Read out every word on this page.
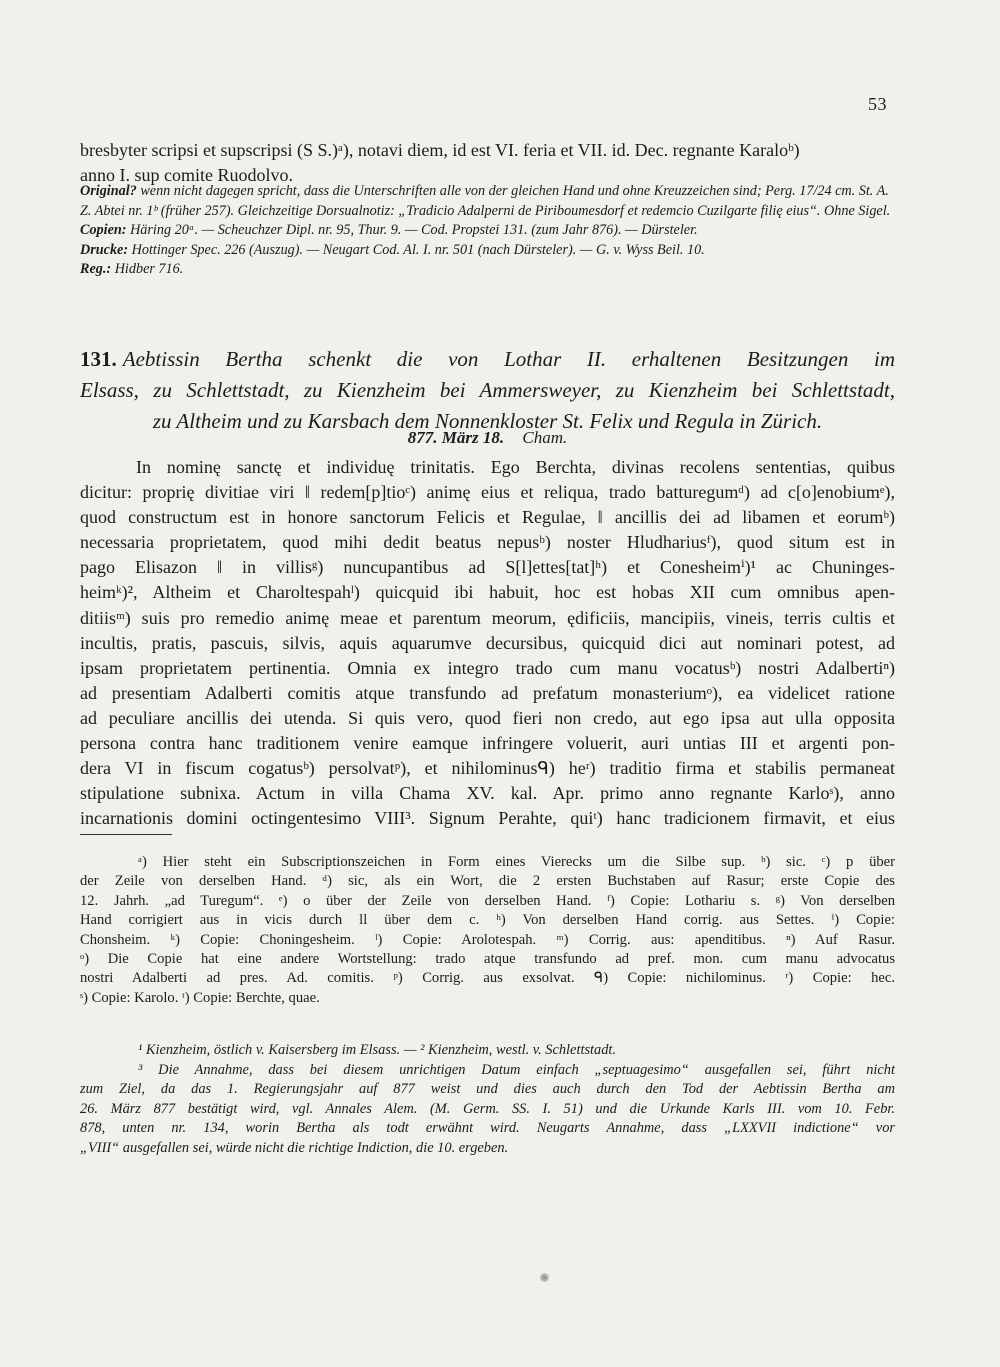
53
bresbyter scripsi et supscripsi (S S.)ᵃ), notavi diem, id est VI. feria et VII. id. Dec. regnante Karaloᵇ)
anno I. sup comite Ruodolvo.
Original? wenn nicht dagegen spricht, dass die Unterschriften alle von der gleichen Hand und ohne Kreuzzeichen sind; Perg. 17/24 cm. St. A. Z. Abtei nr. 1ᵇ (früher 257). Gleichzeitige Dorsualnotiz: „Tradicio Adalperni de Piriboumesdorf et redemcio Cuzilgarte filię eius“. Ohne Sigel.
Copien: Häring 20ᵃ. — Scheuchzer Dipl. nr. 95, Thur. 9. — Cod. Propstei 131. (zum Jahr 876). — Dürsteler.
Drucke: Hottinger Spec. 226 (Auszug). — Neugart Cod. Al. I. nr. 501 (nach Dürsteler). — G. v. Wyss Beil. 10.
Reg.: Hidber 716.
131. Aebtissin Bertha schenkt die von Lothar II. erhaltenen Besitzungen im
Elsass, zu Schlettstadt, zu Kienzheim bei Ammersweyer, zu Kienzheim bei Schlettstadt,
zu Altheim und zu Karsbach dem Nonnenkloster St. Felix und Regula in Zürich.
877. März 18. Cham.
In nominę sanctę et individuę trinitatis. Ego Berchta, divinas recolens sententias, quibus
dicitur: proprię divitiae viri ‖ redem[p]tioᶜ) animę eius et reliqua, trado batturegumᵈ) ad c[o]enobiumᵉ),
quod constructum est in honore sanctorum Felicis et Regulae, ‖ ancillis dei ad libamen et eorumᵇ)
necessaria proprietatem, quod mihi dedit beatus nepusᵇ) noster Hludhariusᶠ), quod situm est in
pago Elisazon ‖ in villisᵍ) nuncupantibus ad S[l]ettes[tat]ʰ) et Conesheimⁱ)¹ ac Chuninges-
heimᵏ)², Altheim et Charoltespahˡ) quicquid ibi habuit, hoc est hobas XII cum omnibus apen-
ditiisᵐ) suis pro remedio animę meae et parentum meorum, ędificiis, mancipiis, vineis, terris cultis et
incultis, pratis, pascuis, silvis, aquis aquarumve decursibus, quicquid dici aut nominari potest, ad
ipsam proprietatem pertinentia. Omnia ex integro trado cum manu vocatusᵇ) nostri Adalbertiⁿ)
ad presentiam Adalberti comitis atque transfundo ad prefatum monasteriumᵒ), ea videlicet ratione
ad peculiare ancillis dei utenda. Si quis vero, quod fieri non credo, aut ego ipsa aut ulla opposita
persona contra hanc traditionem venire eamque infringere voluerit, auri untias III et argenti pon-
dera VI in fiscum cogatusᵇ) persolvatᵖ), et nihilominusᑫ) heʳ) traditio firma et stabilis permaneat
stipulatione subnixa. Actum in villa Chama XV. kal. Apr. primo anno regnante Karloˢ), anno
incarnationis domini octingentesimo VIII³. Signum Perahte, quiᵗ) hanc tradicionem firmavit, et eius
ᵃ) Hier steht ein Subscriptionszeichen in Form eines Vierecks um die Silbe sup. ᵇ) sic. ᶜ) p über
der Zeile von derselben Hand. ᵈ) sic, als ein Wort, die 2 ersten Buchstaben auf Rasur; erste Copie des
12. Jahrh. „ad Turegum“. ᵉ) o über der Zeile von derselben Hand. ᶠ) Copie: Lothariu s. ᵍ) Von derselben
Hand corrigiert aus in vicis durch ll über dem c. ʰ) Von derselben Hand corrig. aus Settes. ⁱ) Copie:
Chonsheim. ᵏ) Copie: Choningesheim. ˡ) Copie: Arolotespah. ᵐ) Corrig. aus: apenditibus. ⁿ) Auf Rasur.
ᵒ) Die Copie hat eine andere Wortstellung: trado atque transfundo ad pref. mon. cum manu advocatus
nostri Adalberti ad pres. Ad. comitis. ᵖ) Corrig. aus exsolvat. ᑫ) Copie: nichilominus. ʳ) Copie: hec.
ˢ) Copie: Karolo. ᵗ) Copie: Berchte, quae.
¹ Kienzheim, östlich v. Kaisersberg im Elsass. — ² Kienzheim, westl. v. Schlettstadt.
³ Die Annahme, dass bei diesem unrichtigen Datum einfach „septuagesimo“ ausgefallen sei, führt nicht
zum Ziel, da das 1. Regierungsjahr auf 877 weist und dies auch durch den Tod der Aebtissin Bertha am
26. März 877 bestätigt wird, vgl. Annales Alem. (M. Germ. SS. I. 51) und die Urkunde Karls III. vom 10. Febr.
878, unten nr. 134, worin Bertha als todt erwähnt wird. Neugarts Annahme, dass „LXXVII indictione“ vor
„VIII“ ausgefallen sei, würde nicht die richtige Indiction, die 10. ergeben.
